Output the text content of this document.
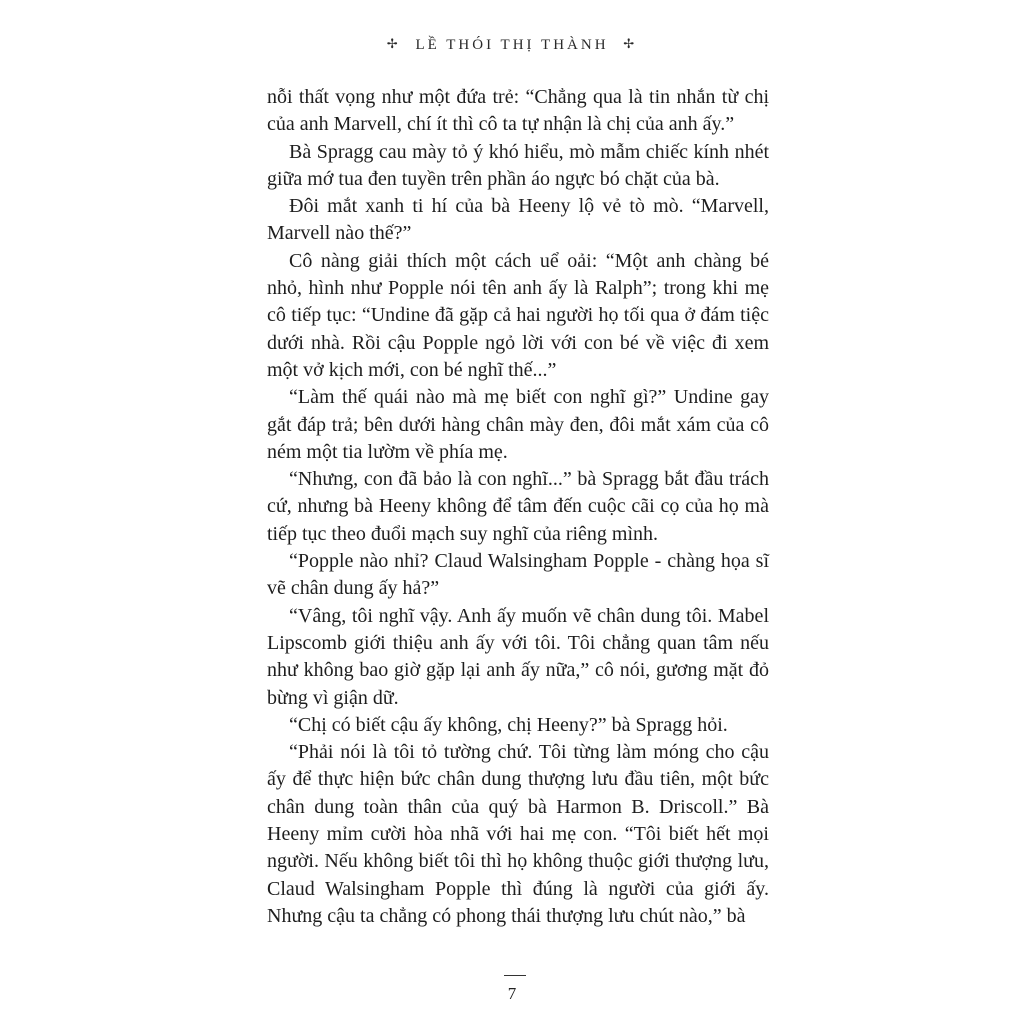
✢ LỀ THÓI THỊ THÀNH ✢

nỗi thất vọng như một đứa trẻ: “Chẳng qua là tin nhắn từ chị của anh Marvell, chí ít thì cô ta tự nhận là chị của anh ấy.”

Bà Spragg cau mày tỏ ý khó hiểu, mò mẫm chiếc kính nhét giữa mớ tua đen tuyền trên phần áo ngực bó chặt của bà.

Đôi mắt xanh ti hí của bà Heeny lộ vẻ tò mò. “Marvell, Marvell nào thế?”

Cô nàng giải thích một cách uể oải: “Một anh chàng bé nhỏ, hình như Popple nói tên anh ấy là Ralph”; trong khi mẹ cô tiếp tục: “Undine đã gặp cả hai người họ tối qua ở đám tiệc dưới nhà. Rồi cậu Popple ngỏ lời với con bé về việc đi xem một vở kịch mới, con bé nghĩ thế...”

“Làm thế quái nào mà mẹ biết con nghĩ gì?” Undine gay gắt đáp trả; bên dưới hàng chân mày đen, đôi mắt xám của cô ném một tia lườm về phía mẹ.

“Nhưng, con đã bảo là con nghĩ...” bà Spragg bắt đầu trách cứ, nhưng bà Heeny không để tâm đến cuộc cãi cọ của họ mà tiếp tục theo đuổi mạch suy nghĩ của riêng mình.

“Popple nào nhỉ? Claud Walsingham Popple - chàng họa sĩ vẽ chân dung ấy hả?”

“Vâng, tôi nghĩ vậy. Anh ấy muốn vẽ chân dung tôi. Mabel Lipscomb giới thiệu anh ấy với tôi. Tôi chẳng quan tâm nếu như không bao giờ gặp lại anh ấy nữa,” cô nói, gương mặt đỏ bừng vì giận dữ.

“Chị có biết cậu ấy không, chị Heeny?” bà Spragg hỏi.

“Phải nói là tôi tỏ tường chứ. Tôi từng làm móng cho cậu ấy để thực hiện bức chân dung thượng lưu đầu tiên, một bức chân dung toàn thân của quý bà Harmon B. Driscoll.” Bà Heeny mỉm cười hòa nhã với hai mẹ con. “Tôi biết hết mọi người. Nếu không biết tôi thì họ không thuộc giới thượng lưu, Claud Walsingham Popple thì đúng là người của giới ấy. Nhưng cậu ta chẳng có phong thái thượng lưu chút nào,” bà

7
